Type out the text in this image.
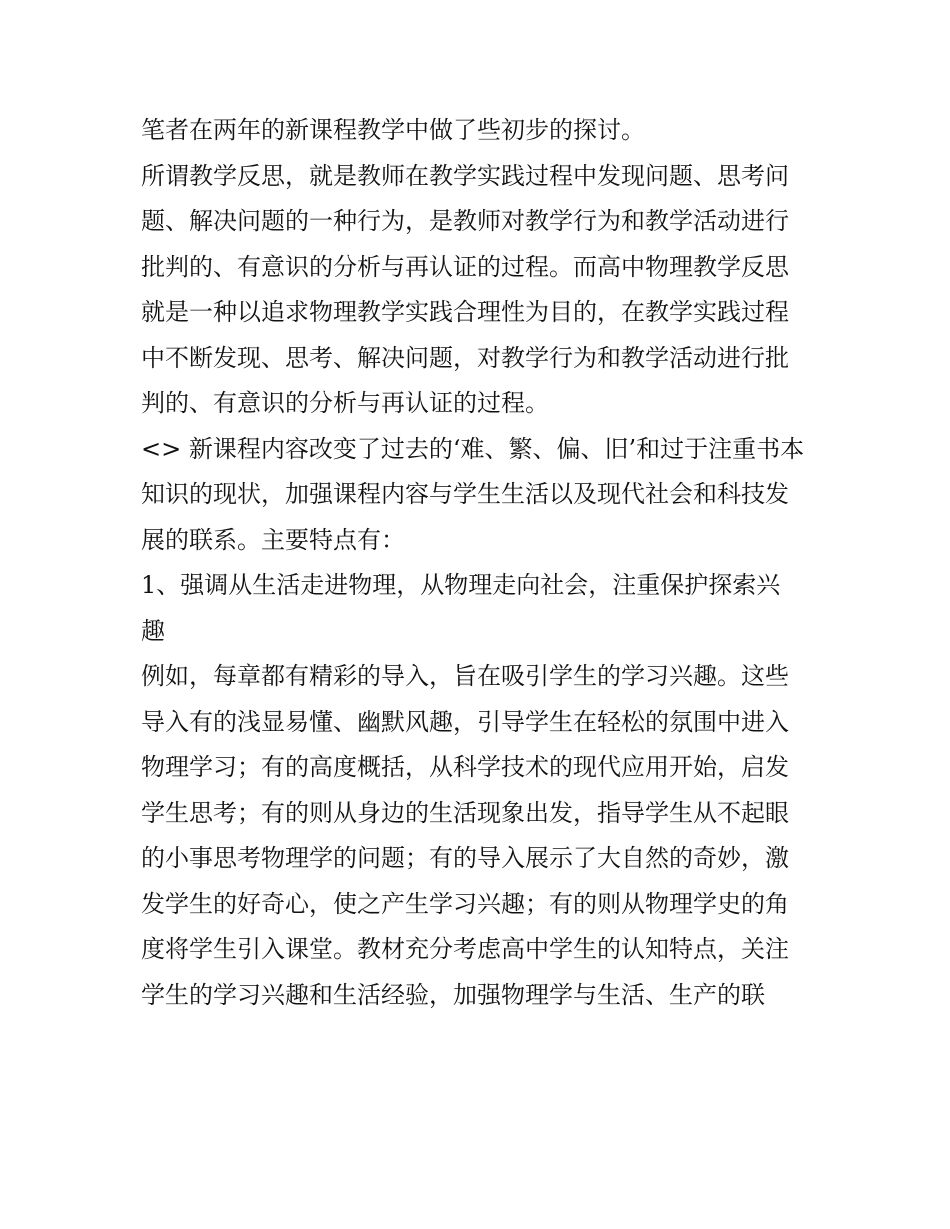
笔者在两年的新课程教学中做了些初步的探讨。
所谓教学反思，就是教师在教学实践过程中发现问题、思考问
题、解决问题的一种行为，是教师对教学行为和教学活动进行
批判的、有意识的分析与再认证的过程。而高中物理教学反思
就是一种以追求物理教学实践合理性为目的，在教学实践过程
中不断发现、思考、解决问题，对教学行为和教学活动进行批
判的、有意识的分析与再认证的过程。
<> 新课程内容改变了过去的‘难、繁、偏、旧’和过于注重书本
知识的现状，加强课程内容与学生生活以及现代社会和科技发
展的联系。主要特点有：
1、强调从生活走进物理，从物理走向社会，注重保护探索兴
趣
例如，每章都有精彩的导入，旨在吸引学生的学习兴趣。这些
导入有的浅显易懂、幽默风趣，引导学生在轻松的氛围中进入
物理学习；有的高度概括，从科学技术的现代应用开始，启发
学生思考；有的则从身边的生活现象出发，指导学生从不起眼
的小事思考物理学的问题；有的导入展示了大自然的奇妙，激
发学生的好奇心，使之产生学习兴趣；有的则从物理学史的角
度将学生引入课堂。教材充分考虑高中学生的认知特点，关注
学生的学习兴趣和生活经验，加强物理学与生活、生产的联
